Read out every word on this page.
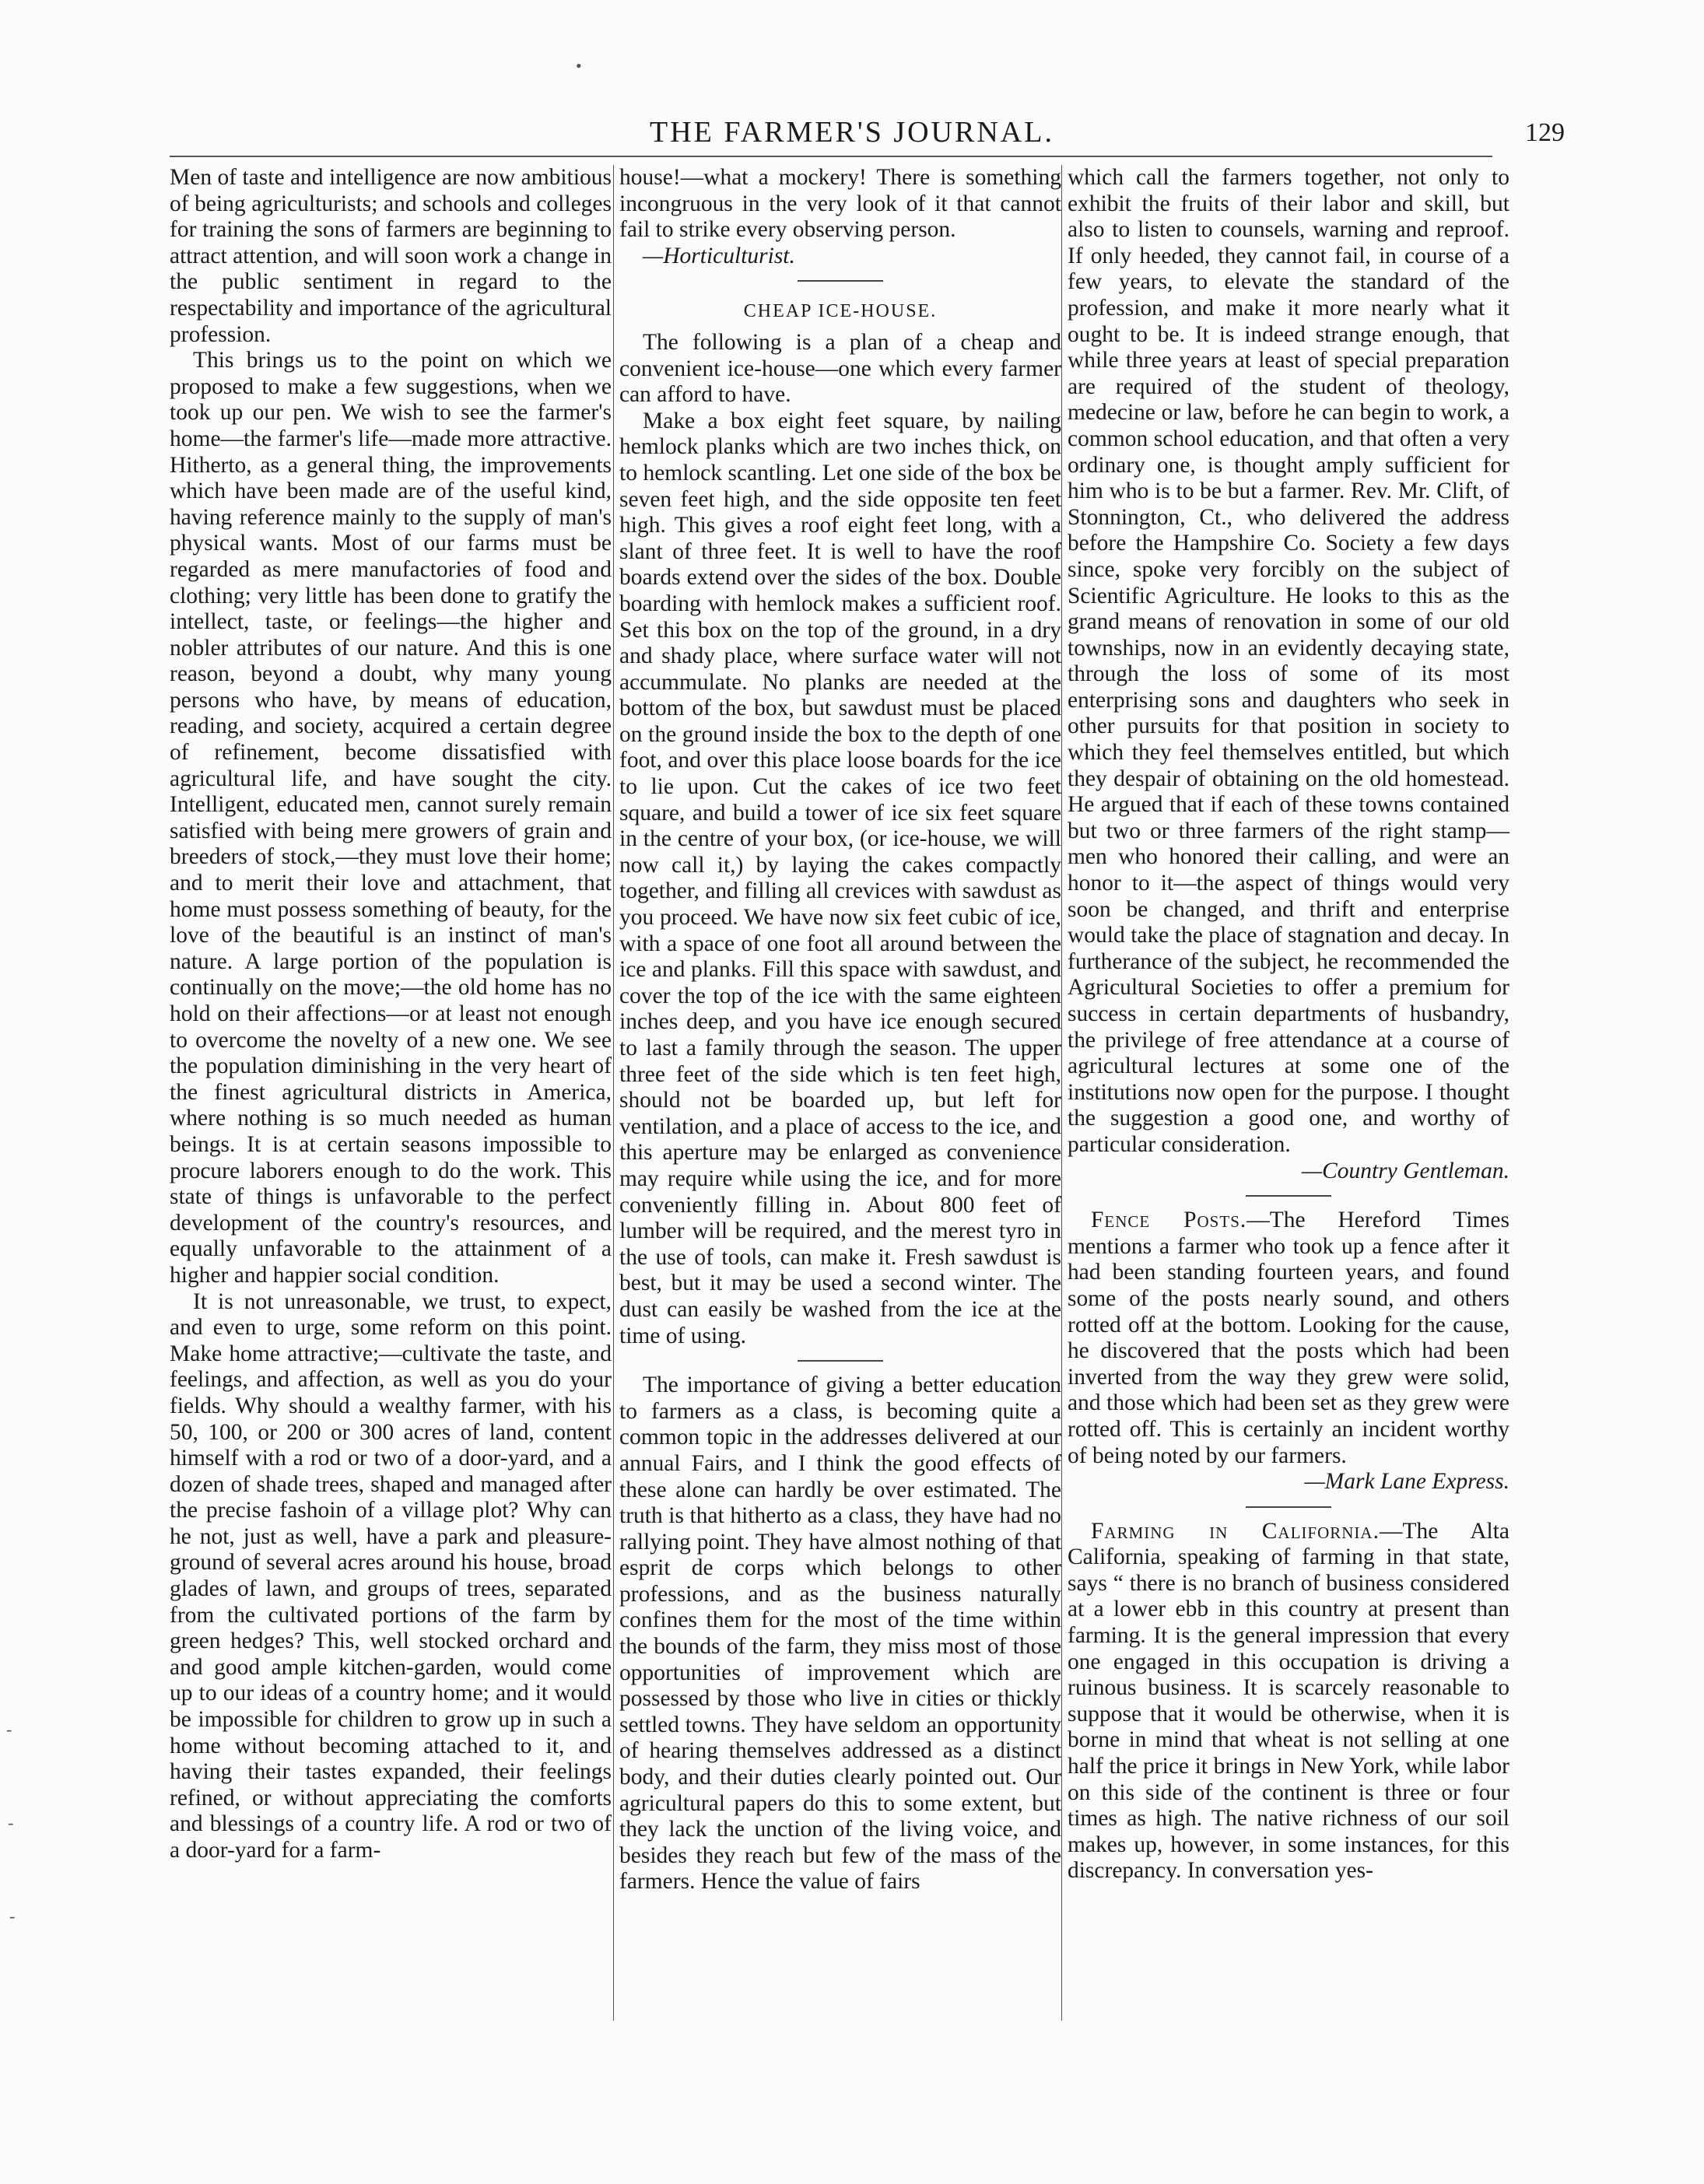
THE FARMER'S JOURNAL.	129
•
-
-
-

Men of taste and intelligence are now ambitious of being agriculturists; and schools and colleges for training the sons of farmers are beginning to attract attention, and will soon work a change in the public sentiment in regard to the respectability and importance of the agricultural profession.

This brings us to the point on which we proposed to make a few suggestions, when we took up our pen. We wish to see the farmer's home—the farmer's life—made more attractive. Hitherto, as a general thing, the improvements which have been made are of the useful kind, having reference mainly to the supply of man's physical wants. Most of our farms must be regarded as mere manufactories of food and clothing; very little has been done to gratify the intellect, taste, or feelings—the higher and nobler attributes of our nature. And this is one reason, beyond a doubt, why many young persons who have, by means of education, reading, and society, acquired a certain degree of refinement, become dissatisfied with agricultural life, and have sought the city. Intelligent, educated men, cannot surely remain satisfied with being mere growers of grain and breeders of stock,—they must love their home; and to merit their love and attachment, that home must possess something of beauty, for the love of the beautiful is an instinct of man's nature. A large portion of the population is continually on the move;—the old home has no hold on their affections—or at least not enough to overcome the novelty of a new one. We see the population diminishing in the very heart of the finest agricultural districts in America, where nothing is so much needed as human beings. It is at certain seasons impossible to procure laborers enough to do the work. This state of things is unfavorable to the perfect development of the country's resources, and equally unfavorable to the attainment of a higher and happier social condition.

It is not unreasonable, we trust, to expect, and even to urge, some reform on this point. Make home attractive;—cultivate the taste, and feelings, and affection, as well as you do your fields. Why should a wealthy farmer, with his 50, 100, or 200 or 300 acres of land, content himself with a rod or two of a door-yard, and a dozen of shade trees, shaped and managed after the precise fashoin of a village plot? Why can he not, just as well, have a park and pleasure-ground of several acres around his house, broad glades of lawn, and groups of trees, separated from the cultivated portions of the farm by green hedges? This, well stocked orchard and and good ample kitchen-garden, would come up to our ideas of a country home; and it would be impossible for children to grow up in such a home without becoming attached to it, and having their tastes expanded, their feelings refined, or without appreciating the comforts and blessings of a country life. A rod or two of a door-yard for a farm-

house!—what a mockery! There is something incongruous in the very look of it that cannot fail to strike every observing person.

—Horticulturist.

CHEAP ICE-HOUSE.

The following is a plan of a cheap and convenient ice-house—one which every farmer can afford to have.

Make a box eight feet square, by nailing hemlock planks which are two inches thick, on to hemlock scantling. Let one side of the box be seven feet high, and the side opposite ten feet high. This gives a roof eight feet long, with a slant of three feet. It is well to have the roof boards extend over the sides of the box. Double boarding with hemlock makes a sufficient roof. Set this box on the top of the ground, in a dry and shady place, where surface water will not accummulate. No planks are needed at the bottom of the box, but sawdust must be placed on the ground inside the box to the depth of one foot, and over this place loose boards for the ice to lie upon. Cut the cakes of ice two feet square, and build a tower of ice six feet square in the centre of your box, (or ice-house, we will now call it,) by laying the cakes compactly together, and filling all crevices with sawdust as you proceed. We have now six feet cubic of ice, with a space of one foot all around between the ice and planks. Fill this space with sawdust, and cover the top of the ice with the same eighteen inches deep, and you have ice enough secured to last a family through the season. The upper three feet of the side which is ten feet high, should not be boarded up, but left for ventilation, and a place of access to the ice, and this aperture may be enlarged as convenience may require while using the ice, and for more conveniently filling in. About 800 feet of lumber will be required, and the merest tyro in the use of tools, can make it. Fresh sawdust is best, but it may be used a second winter. The dust can easily be washed from the ice at the time of using.

The importance of giving a better education to farmers as a class, is becoming quite a common topic in the addresses delivered at our annual Fairs, and I think the good effects of these alone can hardly be over estimated. The truth is that hitherto as a class, they have had no rallying point. They have almost nothing of that esprit de corps which belongs to other professions, and as the business naturally confines them for the most of the time within the bounds of the farm, they miss most of those opportunities of improvement which are possessed by those who live in cities or thickly settled towns. They have seldom an opportunity of hearing themselves addressed as a distinct body, and their duties clearly pointed out. Our agricultural papers do this to some extent, but they lack the unction of the living voice, and besides they reach but few of the mass of the farmers. Hence the value of fairs

which call the farmers together, not only to exhibit the fruits of their labor and skill, but also to listen to counsels, warning and reproof. If only heeded, they cannot fail, in course of a few years, to elevate the standard of the profession, and make it more nearly what it ought to be. It is indeed strange enough, that while three years at least of special preparation are required of the student of theology, medecine or law, before he can begin to work, a common school education, and that often a very ordinary one, is thought amply sufficient for him who is to be but a farmer. Rev. Mr. Clift, of Stonnington, Ct., who delivered the address before the Hampshire Co. Society a few days since, spoke very forcibly on the subject of Scientific Agriculture. He looks to this as the grand means of renovation in some of our old townships, now in an evidently decaying state, through the loss of some of its most enterprising sons and daughters who seek in other pursuits for that position in society to which they feel themselves entitled, but which they despair of obtaining on the old homestead. He argued that if each of these towns contained but two or three farmers of the right stamp—men who honored their calling, and were an honor to it—the aspect of things would very soon be changed, and thrift and enterprise would take the place of stagnation and decay. In furtherance of the subject, he recommended the Agricultural Societies to offer a premium for success in certain departments of husbandry, the privilege of free attendance at a course of agricultural lectures at some one of the institutions now open for the purpose. I thought the suggestion a good one, and worthy of particular consideration.

—Country Gentleman.

Fence Posts.—The Hereford Times mentions a farmer who took up a fence after it had been standing fourteen years, and found some of the posts nearly sound, and others rotted off at the bottom. Looking for the cause, he discovered that the posts which had been inverted from the way they grew were solid, and those which had been set as they grew were rotted off. This is certainly an incident worthy of being noted by our farmers.

—Mark Lane Express.

Farming in California.—The Alta California, speaking of farming in that state, says “ there is no branch of business considered at a lower ebb in this country at present than farming. It is the general impression that every one engaged in this occupation is driving a ruinous business. It is scarcely reasonable to suppose that it would be otherwise, when it is borne in mind that wheat is not selling at one half the price it brings in New York, while labor on this side of the continent is three or four times as high. The native richness of our soil makes up, however, in some instances, for this discrepancy. In conversation yes-
